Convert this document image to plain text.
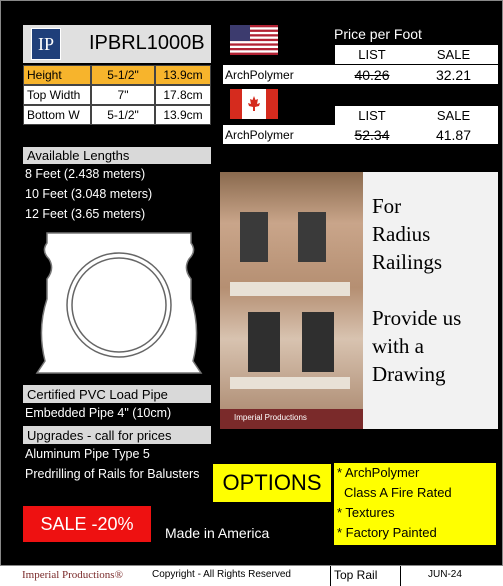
IP	IPBRL1000B
Height	5-1/2"	13.9cm
Top Width	7"	17.8cm
Bottom W	5-1/2"	13.9cm
Available Lengths
8 Feet (2.438 meters)
10 Feet (3.048 meters)
12 Feet (3.65 meters)
Certified PVC Load Pipe
Embedded Pipe 4" (10cm)
Upgrades - call for prices
Aluminum Pipe Type 5
Predrilling of Rails for Balusters
Price per Foot
LIST	SALE
ArchPolymer	40.26	32.21
LIST	SALE
ArchPolymer	52.34	41.87
Imperial Productions
For
Radius
Railings
Provide us
with a
Drawing
OPTIONS	* ArchPolymer
Class A Fire Rated
* Textures
* Factory Painted
SALE -20%	Made in America
Imperial Productions®	Copyright - All Rights Reserved	Top Rail	JUN-24
